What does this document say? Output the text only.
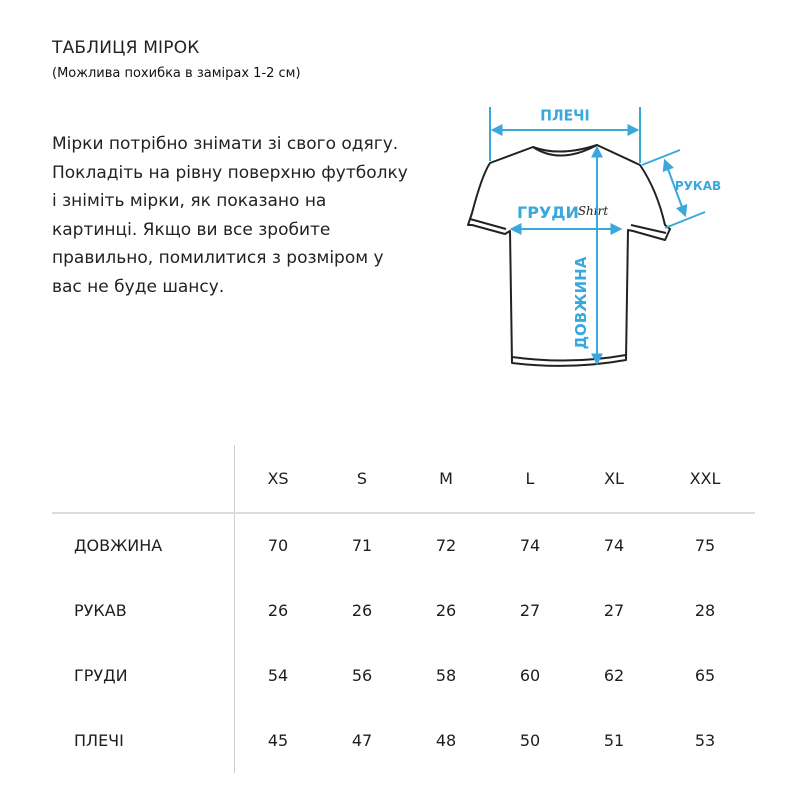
ТАБЛИЦЯ МІРОК
(Можлива похибка в замірах 1-2 см)
Мірки потрібно знімати зі свого одягу. Покладіть на рівну поверхню футболку і зніміть мірки, як показано на картинці. Якщо ви все зробите правильно, помилитися з розміром у вас не буде шансу.
ПЛЕЧІ
РУКАВ
ГРУДИ
Shirt
ДОВЖИНА
XS	S	M	L	XL	XXL
ДОВЖИНА	70	71	72	74	74	75
РУКАВ	26	26	26	27	27	28
ГРУДИ	54	56	58	60	62	65
ПЛЕЧІ	45	47	48	50	51	53
